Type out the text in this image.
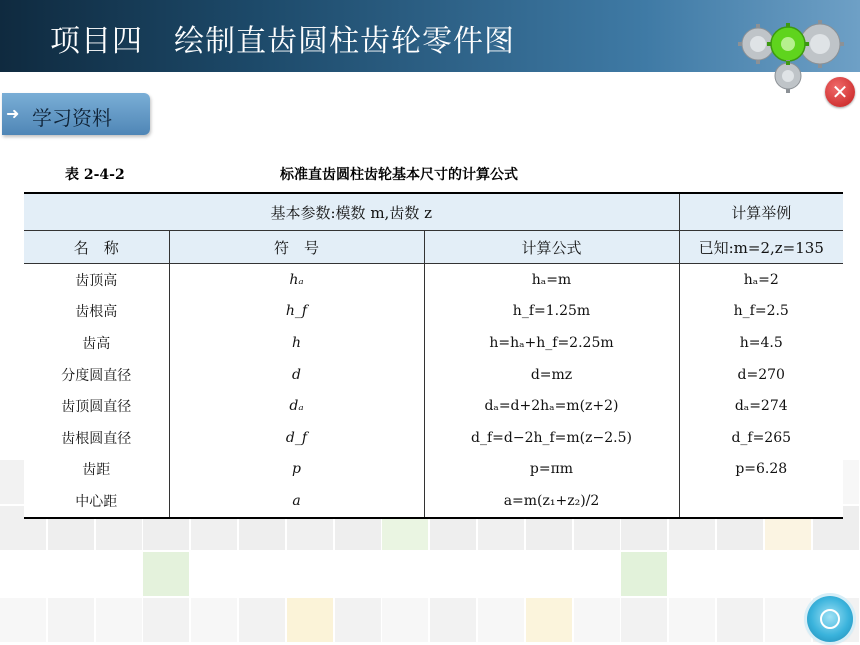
项目四　绘制直齿圆柱齿轮零件图
✕
➜ 学习资料
表 2-4-2	标准直齿圆柱齿轮基本尺寸的计算公式
基本参数:模数 m,齿数 z			计算举例
名　称	符　号	计算公式	已知:m=2,z=135
齿顶高	hₐ	hₐ=m	hₐ=2
齿根高	h_f	h_f=1.25m	h_f=2.5
齿高	h	h=hₐ+h_f=2.25m	h=4.5
分度圆直径	d	d=mz	d=270
齿顶圆直径	dₐ	dₐ=d+2hₐ=m(z+2)	dₐ=274
齿根圆直径	d_f	d_f=d−2h_f=m(z−2.5)	d_f=265
齿距	p	p=πm	p=6.28
中心距	a	a=m(z₁+z₂)/2	
